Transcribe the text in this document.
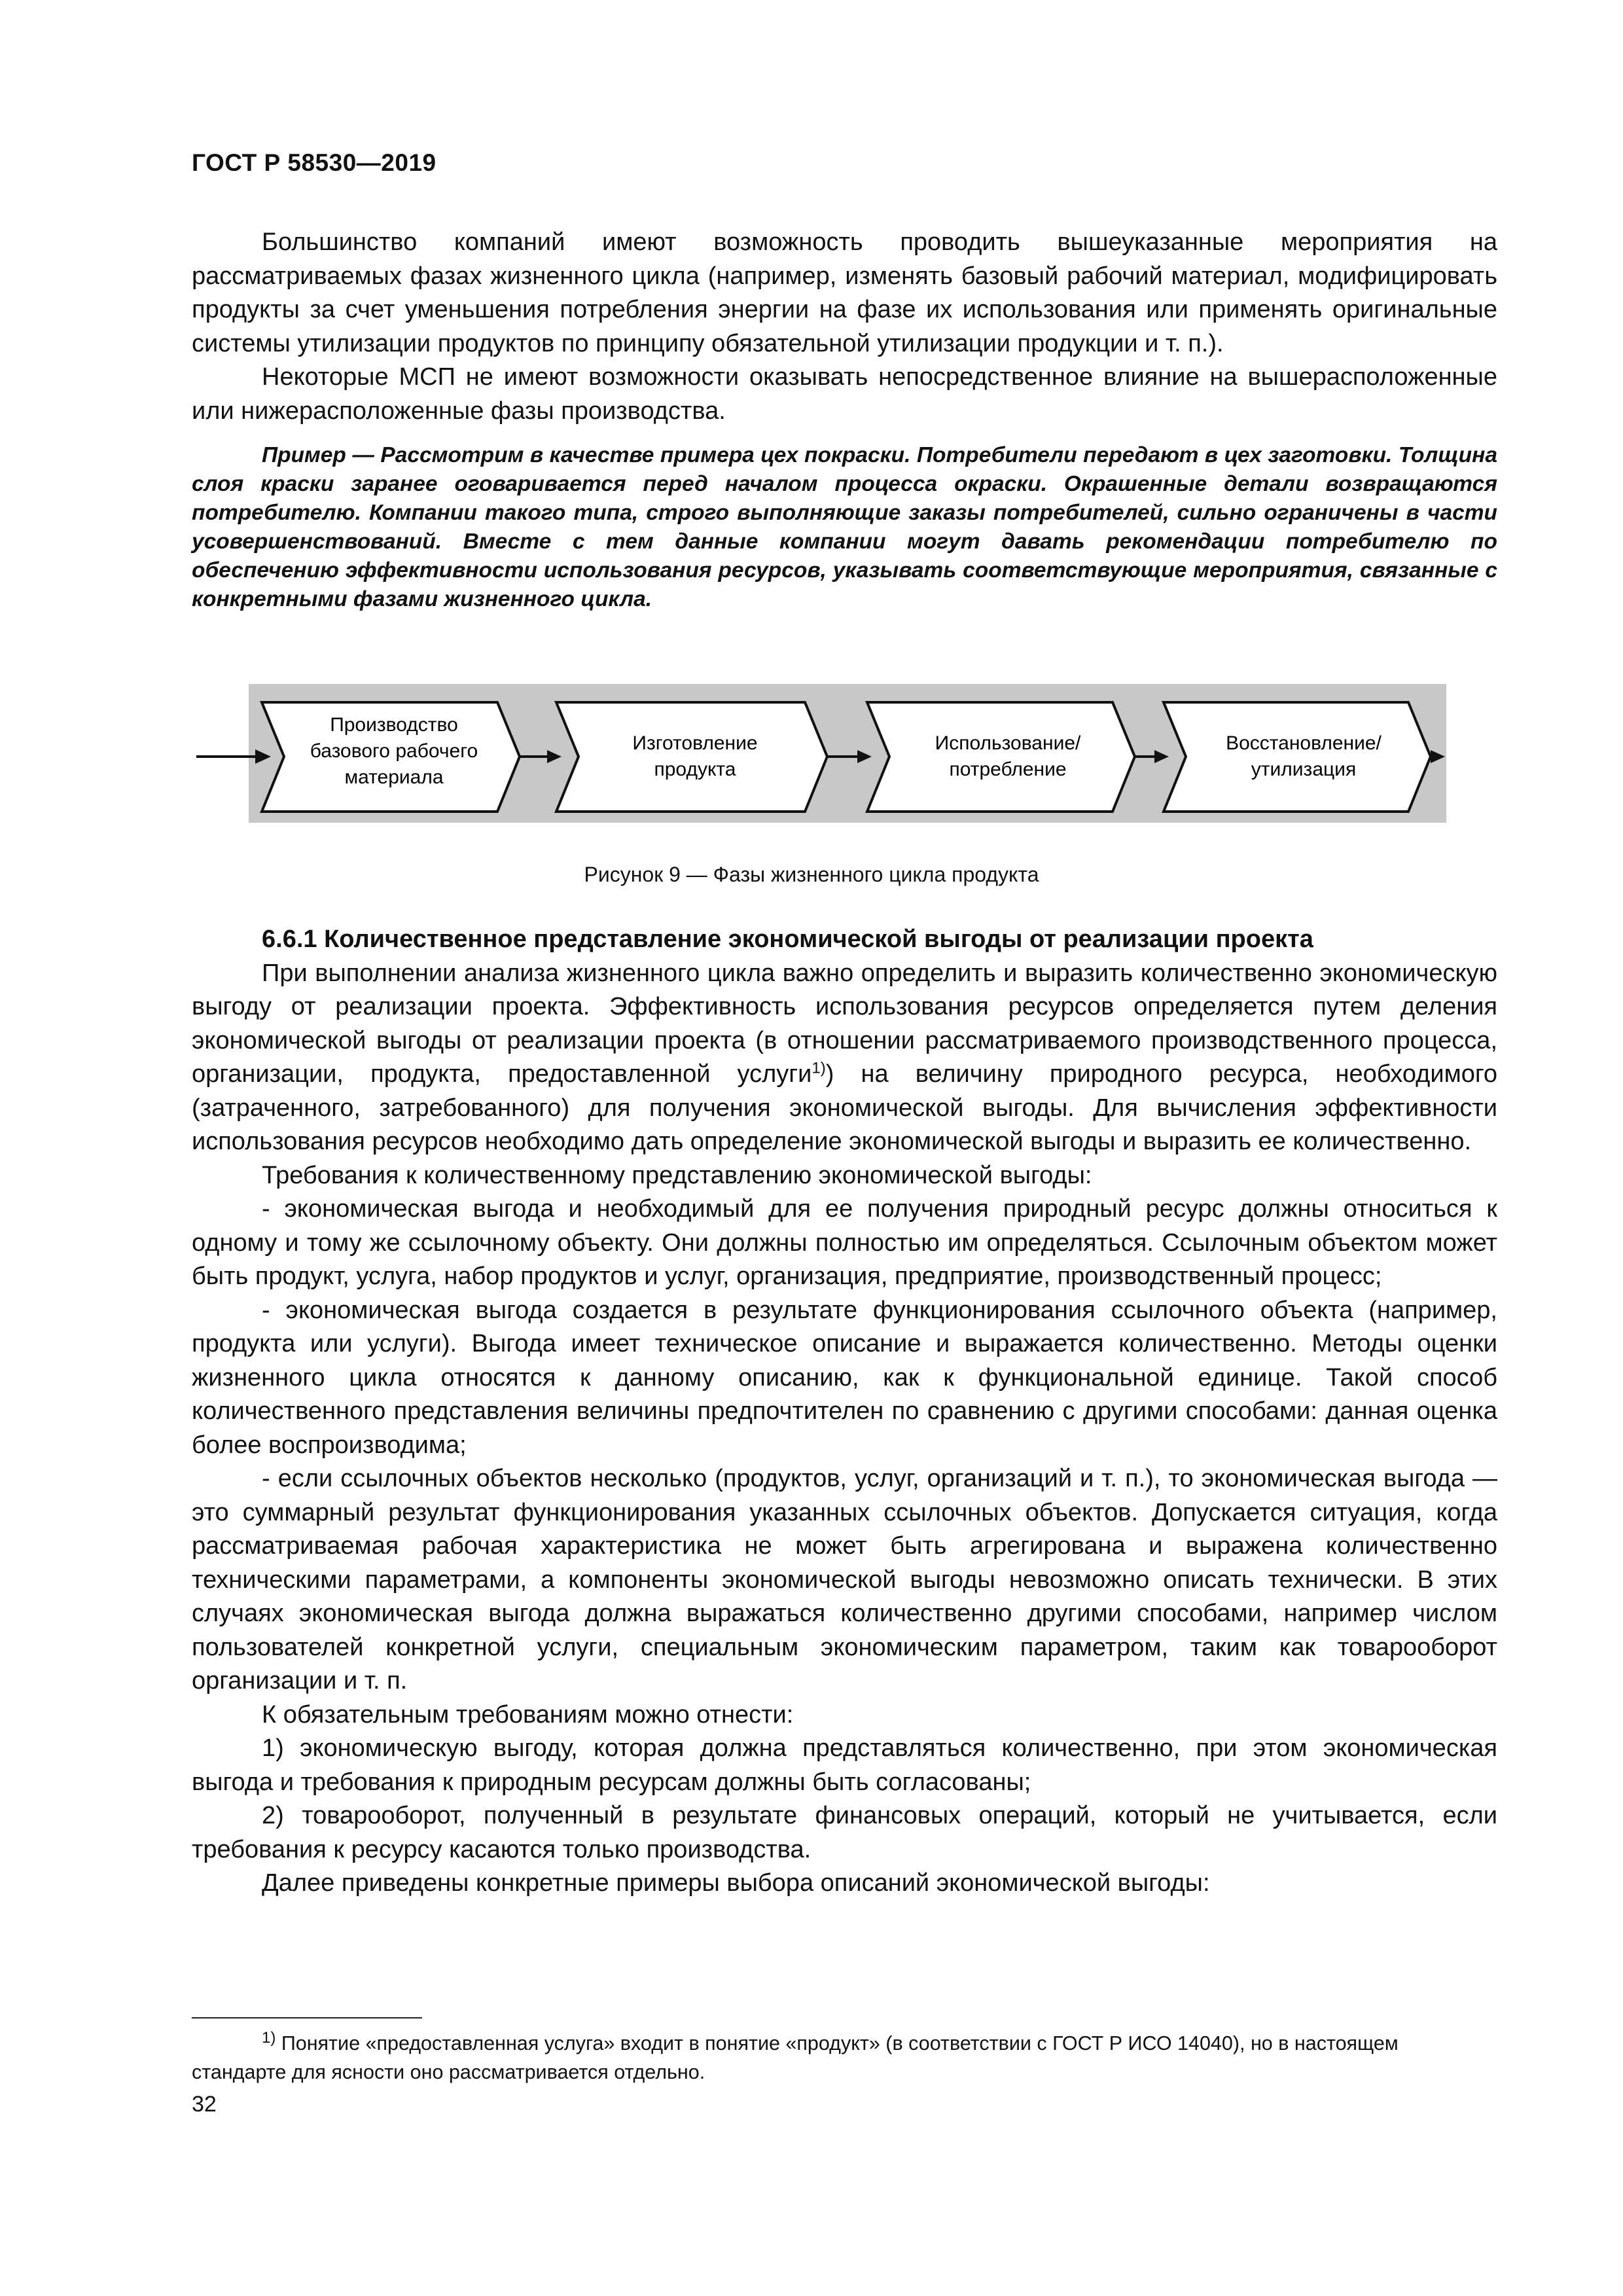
ГОСТ Р 58530—2019

Большинство компаний имеют возможность проводить вышеуказанные мероприятия на рассматриваемых фазах жизненного цикла (например, изменять базовый рабочий материал, модифицировать продукты за счет уменьшения потребления энергии на фазе их использования или применять оригинальные системы утилизации продуктов по принципу обязательной утилизации продукции и т. п.).

Некоторые МСП не имеют возможности оказывать непосредственное влияние на вышерасположенные или нижерасположенные фазы производства.

Пример — Рассмотрим в качестве примера цех покраски. Потребители передают в цех заготовки. Толщина слоя краски заранее оговаривается перед началом процесса окраски. Окрашенные детали возвращаются потребителю. Компании такого типа, строго выполняющие заказы потребителей, сильно ограничены в части усовершенствований. Вместе с тем данные компании могут давать рекомендации потребителю по обеспечению эффективности использования ресурсов, указывать соответствующие мероприятия, связанные с конкретными фазами жизненного цикла.

Производство
базового рабочего
материала
Изготовление
продукта
Использование/
потребление
Восстановление/
утилизация
Рисунок 9 — Фазы жизненного цикла продукта

6.6.1 Количественное представление экономической выгоды от реализации проекта

При выполнении анализа жизненного цикла важно определить и выразить количественно экономическую выгоду от реализации проекта. Эффективность использования ресурсов определяется путем деления экономической выгоды от реализации проекта (в отношении рассматриваемого производственного процесса, организации, продукта, предоставленной услуги$^{1)}$) на величину природного ресурса, необходимого (затраченного, затребованного) для получения экономической выгоды. Для вычисления эффективности использования ресурсов необходимо дать определение экономической выгоды и выразить ее количественно.

Требования к количественному представлению экономической выгоды:

- экономическая выгода и необходимый для ее получения природный ресурс должны относиться к одному и тому же ссылочному объекту. Они должны полностью им определяться. Ссылочным объектом может быть продукт, услуга, набор продуктов и услуг, организация, предприятие, производственный процесс;

- экономическая выгода создается в результате функционирования ссылочного объекта (например, продукта или услуги). Выгода имеет техническое описание и выражается количественно. Методы оценки жизненного цикла относятся к данному описанию, как к функциональной единице. Такой способ количественного представления величины предпочтителен по сравнению с другими способами: данная оценка более воспроизводима;

- если ссылочных объектов несколько (продуктов, услуг, организаций и т. п.), то экономическая выгода — это суммарный результат функционирования указанных ссылочных объектов. Допускается ситуация, когда рассматриваемая рабочая характеристика не может быть агрегирована и выражена количественно техническими параметрами, а компоненты экономической выгоды невозможно описать технически. В этих случаях экономическая выгода должна выражаться количественно другими способами, например числом пользователей конкретной услуги, специальным экономическим параметром, таким как товарооборот организации и т. п.

К обязательным требованиям можно отнести:

1) экономическую выгоду, которая должна представляться количественно, при этом экономическая выгода и требования к природным ресурсам должны быть согласованы;

2) товарооборот, полученный в результате финансовых операций, который не учитывается, если требования к ресурсу касаются только производства.

Далее приведены конкретные примеры выбора описаний экономической выгоды:

$^{1)}$ Понятие «предоставленная услуга» входит в понятие «продукт» (в соответствии с ГОСТ Р ИСО 14040), но в настоящем стандарте для ясности оно рассматривается отдельно.
32
